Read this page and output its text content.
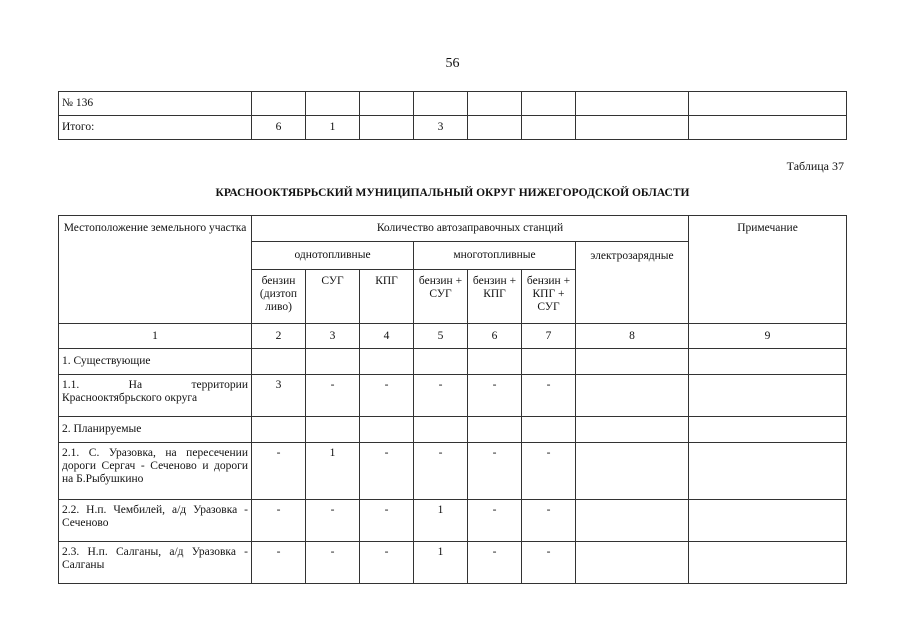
56
№ 136								
Итого:	6	1		3				
Таблица 37
КРАСНООКТЯБРЬСКИЙ МУНИЦИПАЛЬНЫЙ ОКРУГ НИЖЕГОРОДСКОЙ ОБЛАСТИ
Местоположение земельного участка	Количество автозаправочных станций							Примечание
	однотопливные			многотопливные			электрозарядные	
	бензин (дизтоп ливо)	СУГ	КПГ	бензин + СУГ	бензин + КПГ	бензин + КПГ + СУГ		
1	2	3	4	5	6	7	8	9
1. Существующие								
1.1. На территории Красноoктябрьского округа	3	-	-	-	-	-		
2. Планируемые								
2.1. С. Уразовка, на пересечении дороги Сергач - Сеченово и дороги на Б.Рыбушкино	-	1	-	-	-	-		
2.2. Н.п. Чембилей, а/д Уразовка - Сеченово	-	-	-	1	-	-		
2.3. Н.п. Салганы, а/д Уразовка - Салганы	-	-	-	1	-	-		
